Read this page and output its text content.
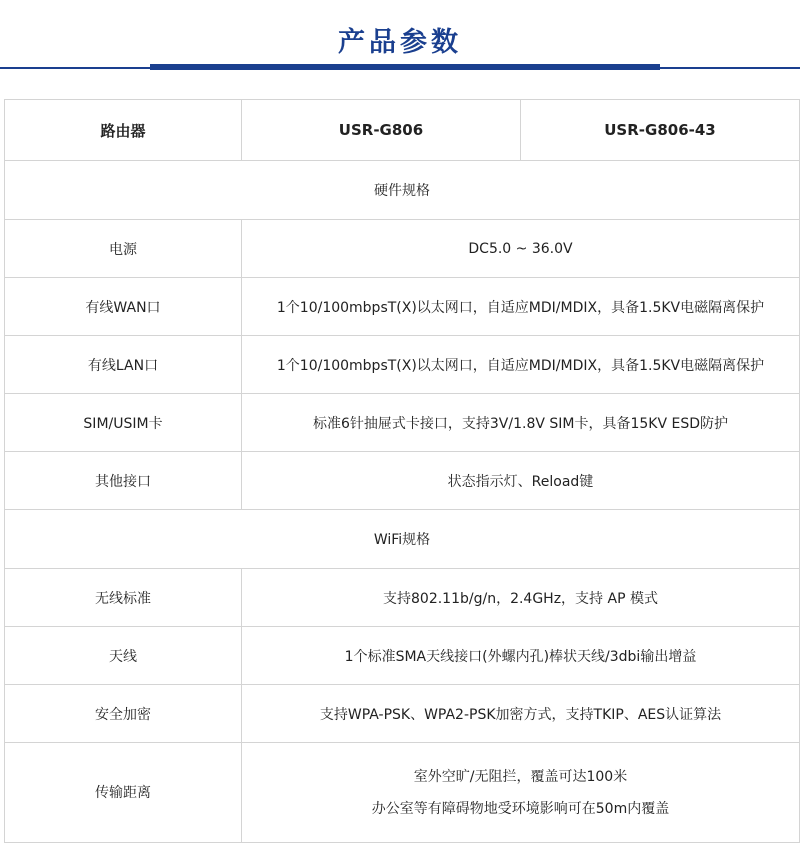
产品参数
路由器	USR-G806	USR-G806-43
硬件规格		
电源	DC5.0 ~ 36.0V	
有线WAN口	1个10/100mbpsT(X)以太网口，自适应MDI/MDIX，具备1.5KV电磁隔离保护	
有线LAN口	1个10/100mbpsT(X)以太网口，自适应MDI/MDIX，具备1.5KV电磁隔离保护	
SIM/USIM卡	标准6针抽屉式卡接口，支持3V/1.8V SIM卡，具备15KV ESD防护	
其他接口	状态指示灯、Reload键	
WiFi规格		
无线标准	支持802.11b/g/n，2.4GHz，支持 AP 模式	
天线	1个标准SMA天线接口(外螺内孔)棒状天线/3dbi输出增益	
安全加密	支持WPA-PSK、WPA2-PSK加密方式，支持TKIP、AES认证算法	
传输距离	室外空旷/无阻拦，覆盖可达100米
办公室等有障碍物地受环境影响可在50m内覆盖	
